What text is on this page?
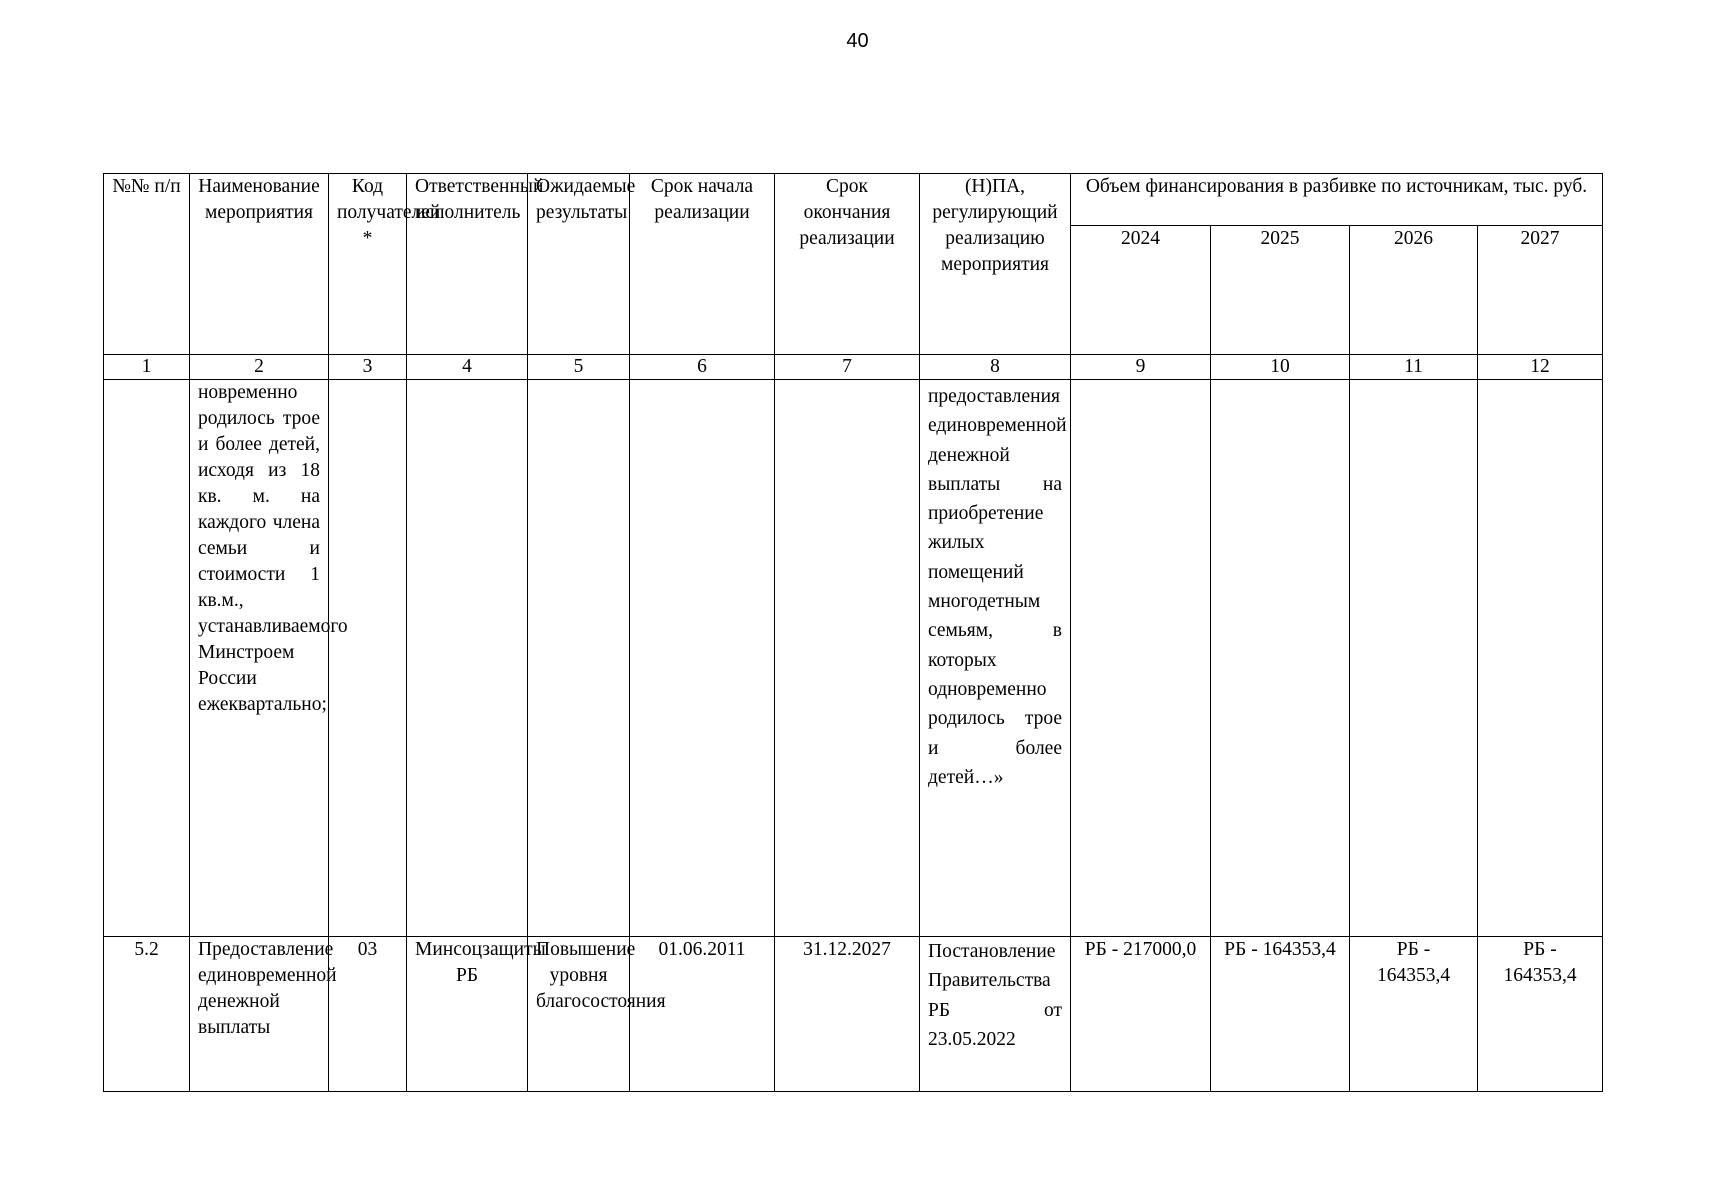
40
№№ п/п	Наименование мероприятия	Код получателей *	Ответственный исполнитель	Ожидаемые результаты	Срок начала реализации	Срок окончания реализации	(Н)ПА, регулирующий реализацию мероприятия	Объем финансирования в разбивке по источникам, тыс. руб.			
								2024	2025	2026	2027
1	2	3	4	5	6	7	8	9	10	11	12
	новременно родилось трое и более детей, исходя из 18 кв. м. на каждого члена семьи и стоимости 1 кв.м., устанавливаемого Минстроем России ежеквартально;						предоставления единовременной денежной выплаты на приобретение жилых помещений многодетным семьям, в которых одновременно родилось трое и более детей…»				
5.2	Предоставление единовременной денежной выплаты	03	Минсоцзащиты РБ	Повышение уровня благосостояния	01.06.2011	31.12.2027	Постановление Правительства РБ от 23.05.2022	РБ - 217000,0	РБ - 164353,4	РБ - 164353,4	РБ - 164353,4
